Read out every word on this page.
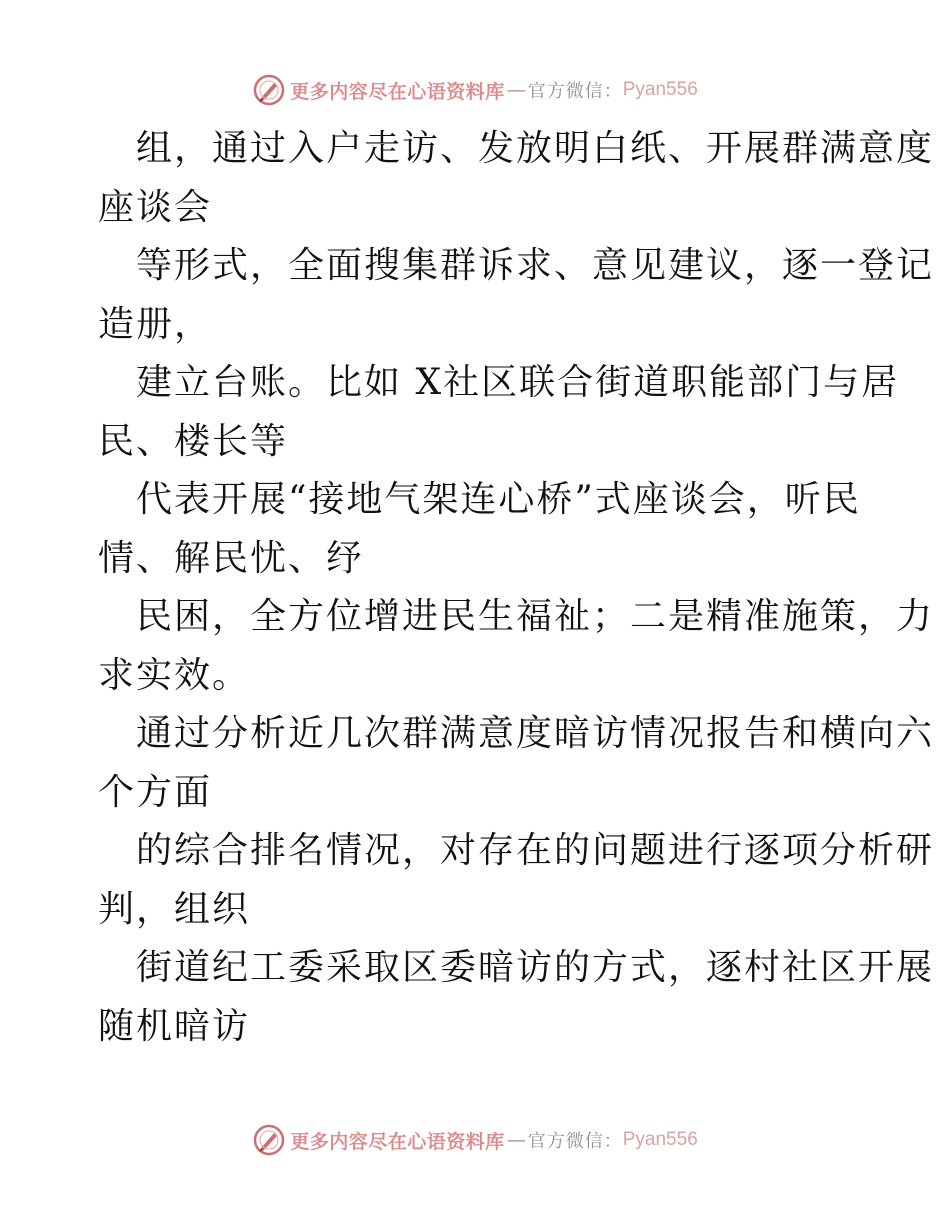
更多内容尽在心语资料库 — 官方微信： Pyan556
组，通过入户走访、发放明白纸、开展群满意度
座谈会
等形式，全面搜集群诉求、意见建议，逐一登记
造册，
建立台账。比如 X社区联合街道职能部门与居
民、楼长等
代表开展“接地气架连心桥”式座谈会，听民
情、解民忧、纾
民困，全方位增进民生福祉；二是精准施策，力
求实效。
通过分析近几次群满意度暗访情况报告和横向六
个方面
的综合排名情况，对存在的问题进行逐项分析研
判，组织
街道纪工委采取区委暗访的方式，逐村社区开展
随机暗访
更多内容尽在心语资料库 — 官方微信： Pyan556
